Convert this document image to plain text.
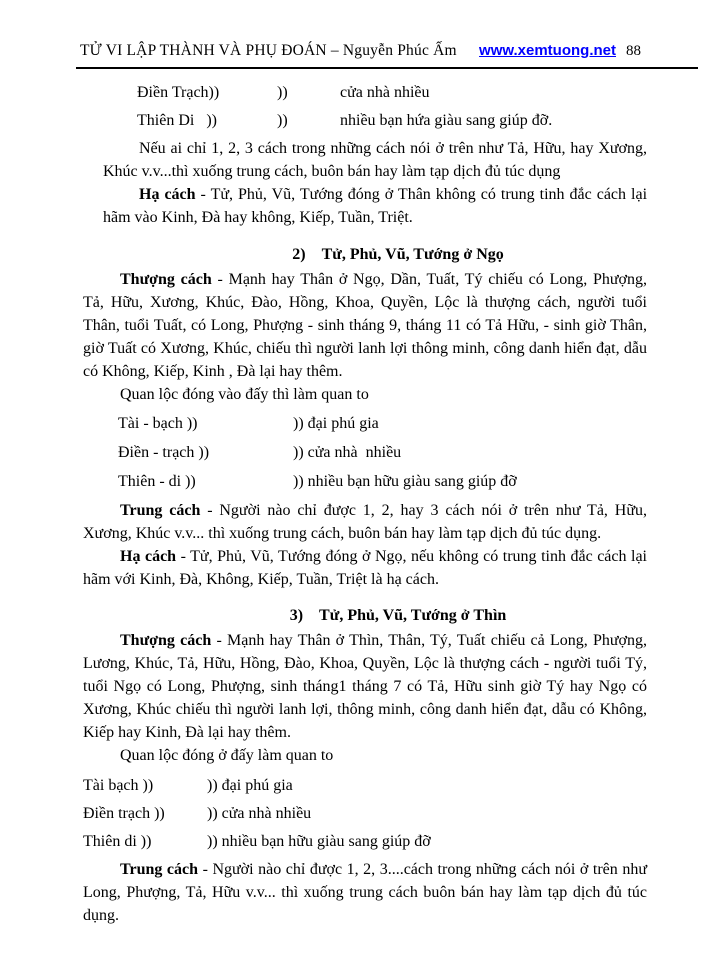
TỬ VI LẬP THÀNH VÀ PHỤ ĐOÁN – Nguyễn Phúc Ấm	www.xemtuong.net 88
Điền Trạch))	))	cửa nhà nhiều
Thiên Di   ))	))	nhiều bạn hứa giàu sang giúp đỡ.

Nếu ai chỉ 1, 2, 3 cách trong những cách nói ở trên như Tả, Hữu, hay Xương, Khúc v.v...thì xuống trung cách, buôn bán hay làm tạp dịch đủ túc dụng

Hạ cách - Tử, Phủ, Vũ, Tướng đóng ở Thân không có trung tinh đắc cách lại hãm vào Kinh, Đà hay không, Kiếp, Tuần, Triệt.

2) Tử, Phủ, Vũ, Tướng ở Ngọ

Thượng cách - Mạnh hay Thân ở Ngọ, Dần, Tuất, Tý chiếu có Long, Phượng, Tả, Hữu, Xương, Khúc, Đào, Hồng, Khoa, Quyền, Lộc là thượng cách, người tuổi Thân, tuổi Tuất, có Long, Phượng - sinh tháng 9, tháng 11 có Tả Hữu, - sinh giờ Thân, giờ Tuất có Xương, Khúc, chiếu thì người lanh lợi thông minh, công danh hiển đạt, dẫu có Không, Kiếp, Kinh , Đà lại hay thêm.

Quan lộc đóng vào đấy thì làm quan to

Tài - bạch ))	)) đại phú gia
Điền - trạch ))	)) cửa nhà  nhiều
Thiên - di ))	)) nhiều bạn hữu giàu sang giúp đỡ

Trung cách - Người nào chỉ được 1, 2, hay 3 cách nói ở trên như Tả, Hữu, Xương, Khúc v.v... thì xuống trung cách, buôn bán hay làm tạp dịch đủ túc dụng.

Hạ cách - Tử, Phủ, Vũ, Tướng đóng ở Ngọ, nếu không có trung tinh đắc cách lại hãm với Kinh, Đà, Không, Kiếp, Tuần, Triệt là hạ cách.

3) Tử, Phủ, Vũ, Tướng ở Thìn

Thượng cách - Mạnh hay Thân ở Thìn, Thân, Tý, Tuất chiếu cả Long, Phượng, Lương, Khúc, Tả, Hữu, Hồng, Đào, Khoa, Quyền, Lộc là thượng cách - người tuổi Tý, tuổi Ngọ có Long, Phượng, sinh tháng1 tháng 7 có Tả, Hữu sinh giờ Tý hay Ngọ có Xương, Khúc chiếu thì người lanh lợi, thông minh, công danh hiển đạt, dẫu có Không, Kiếp hay Kinh, Đà lại hay thêm.

Quan lộc đóng ở đấy làm quan to

Tài bạch ))	)) đại phú gia
Điền trạch ))	)) cửa nhà nhiều
Thiên di ))	)) nhiều bạn hữu giàu sang giúp đỡ

Trung cách - Người nào chỉ được 1, 2, 3....cách trong những cách nói ở trên như Long, Phượng, Tả, Hữu v.v... thì xuống trung cách buôn bán hay làm tạp dịch đủ túc dụng.
